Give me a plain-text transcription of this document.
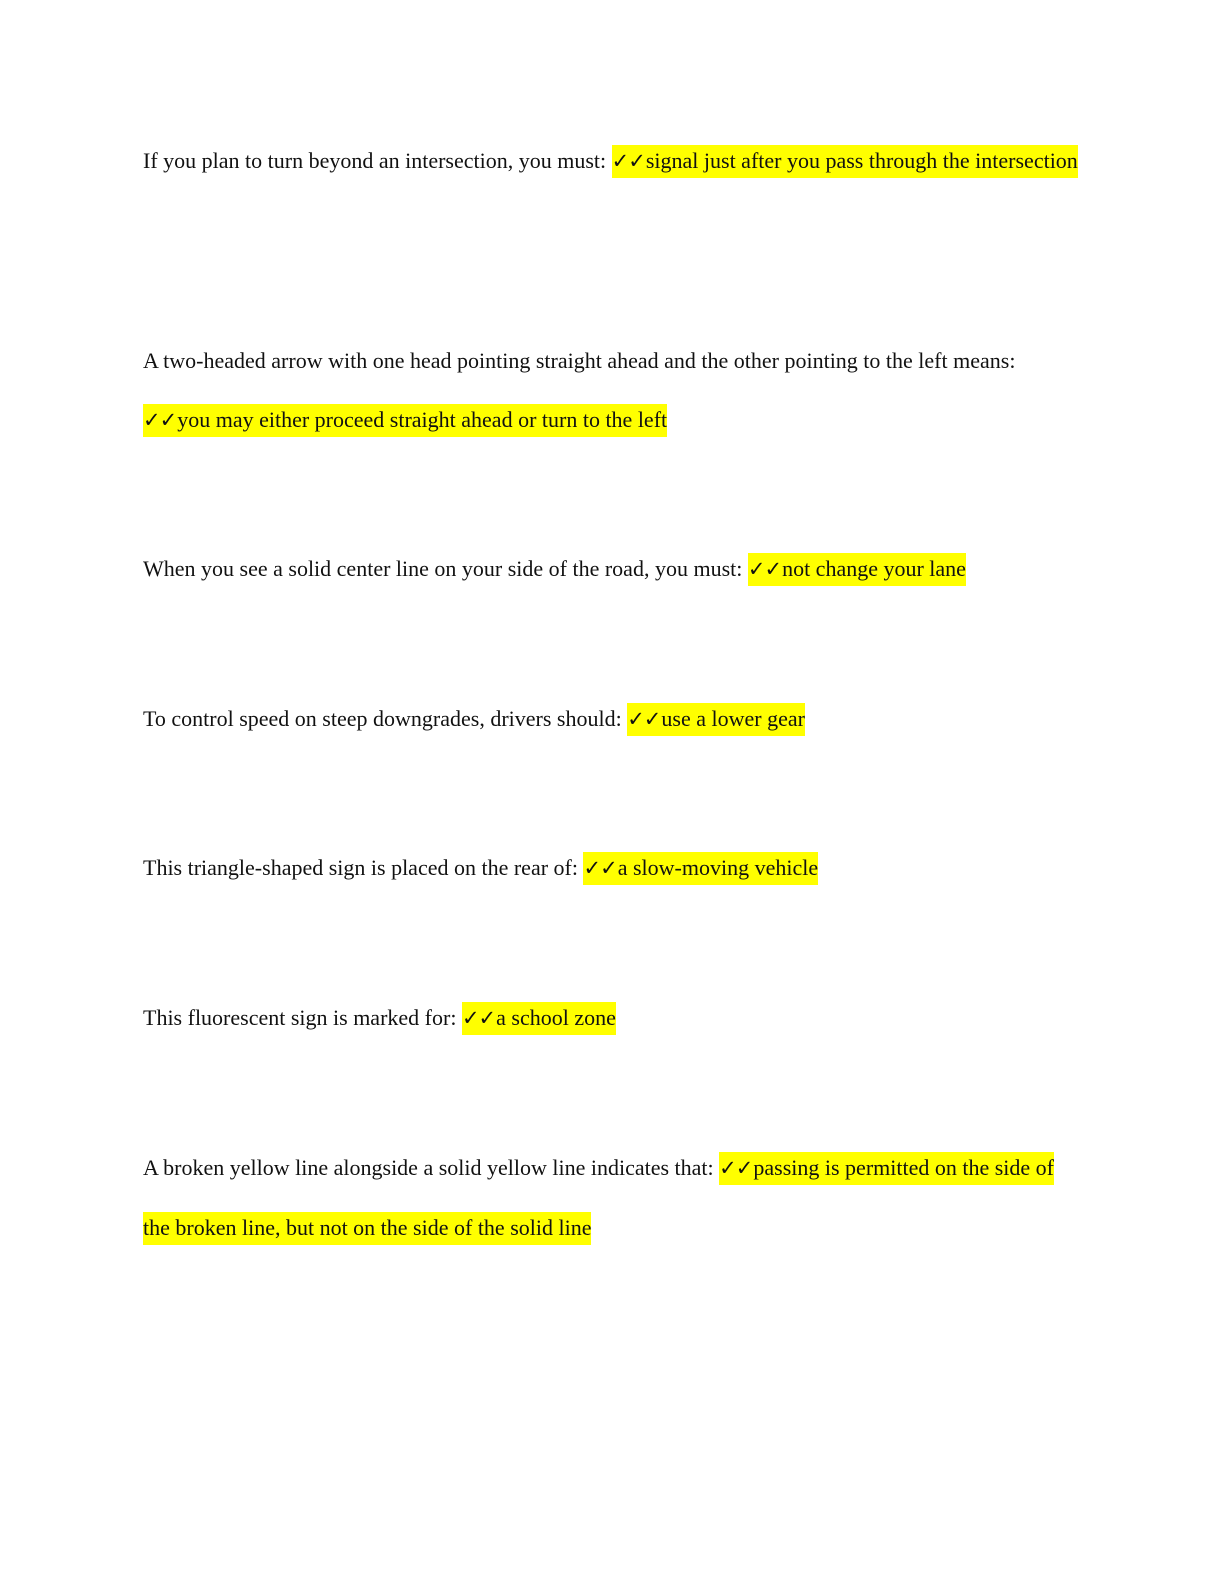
If you plan to turn beyond an intersection, you must: ✓✓signal just after you pass through the intersection

A two-headed arrow with one head pointing straight ahead and the other pointing to the left means: ✓✓you may either proceed straight ahead or turn to the left

When you see a solid center line on your side of the road, you must: ✓✓not change your lane

To control speed on steep downgrades, drivers should: ✓✓use a lower gear

This triangle-shaped sign is placed on the rear of: ✓✓a slow-moving vehicle

This fluorescent sign is marked for: ✓✓a school zone

A broken yellow line alongside a solid yellow line indicates that: ✓✓passing is permitted on the side of the broken line, but not on the side of the solid line
